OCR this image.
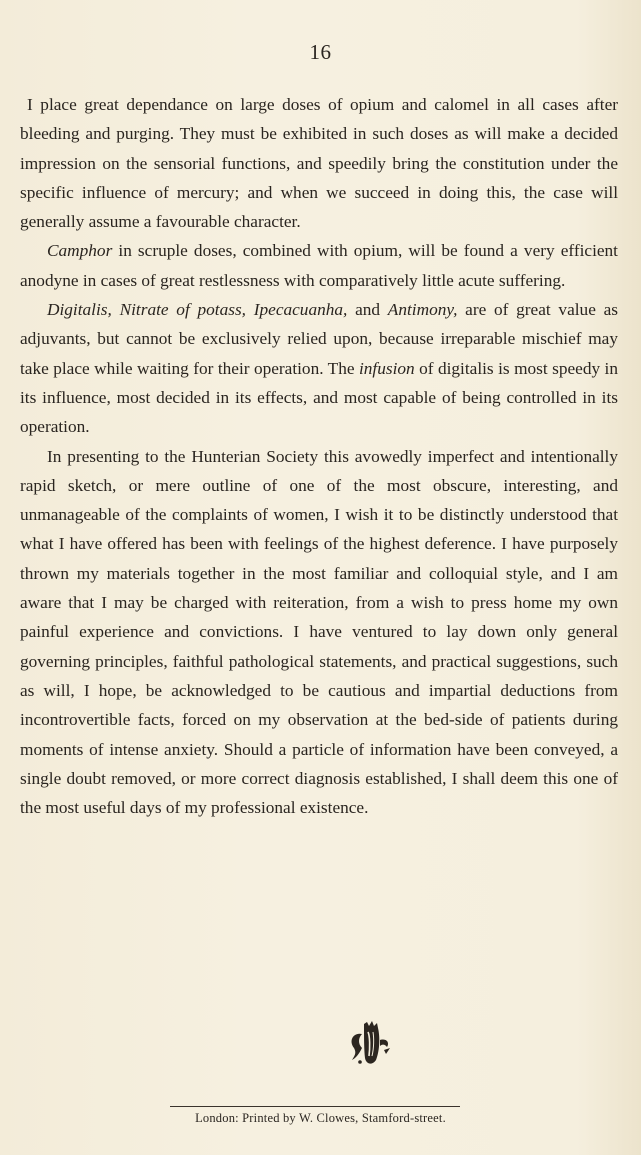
16

I place great dependance on large doses of opium and calomel in all cases after bleeding and purging. They must be exhibited in such doses as will make a decided impression on the sensorial functions, and speedily bring the constitution under the specific influence of mercury; and when we succeed in doing this, the case will generally assume a favourable character.

Camphor in scruple doses, combined with opium, will be found a very efficient anodyne in cases of great restlessness with comparatively little acute suffering.

Digitalis, Nitrate of potass, Ipecacuanha, and Antimony, are of great value as adjuvants, but cannot be exclusively relied upon, because irreparable mischief may take place while waiting for their operation. The infusion of digitalis is most speedy in its influence, most decided in its effects, and most capable of being controlled in its operation.

In presenting to the Hunterian Society this avowedly imperfect and intentionally rapid sketch, or mere outline of one of the most obscure, interesting, and unmanageable of the complaints of women, I wish it to be distinctly understood that what I have offered has been with feelings of the highest deference. I have purposely thrown my materials together in the most familiar and colloquial style, and I am aware that I may be charged with reiteration, from a wish to press home my own painful experience and convictions. I have ventured to lay down only general governing principles, faithful pathological statements, and practical suggestions, such as will, I hope, be acknowledged to be cautious and impartial deductions from incontrovertible facts, forced on my observation at the bed-side of patients during moments of intense anxiety. Should a particle of information have been conveyed, a single doubt removed, or more correct diagnosis established, I shall deem this one of the most useful days of my professional existence.

London: Printed by W. Clowes, Stamford-street.
